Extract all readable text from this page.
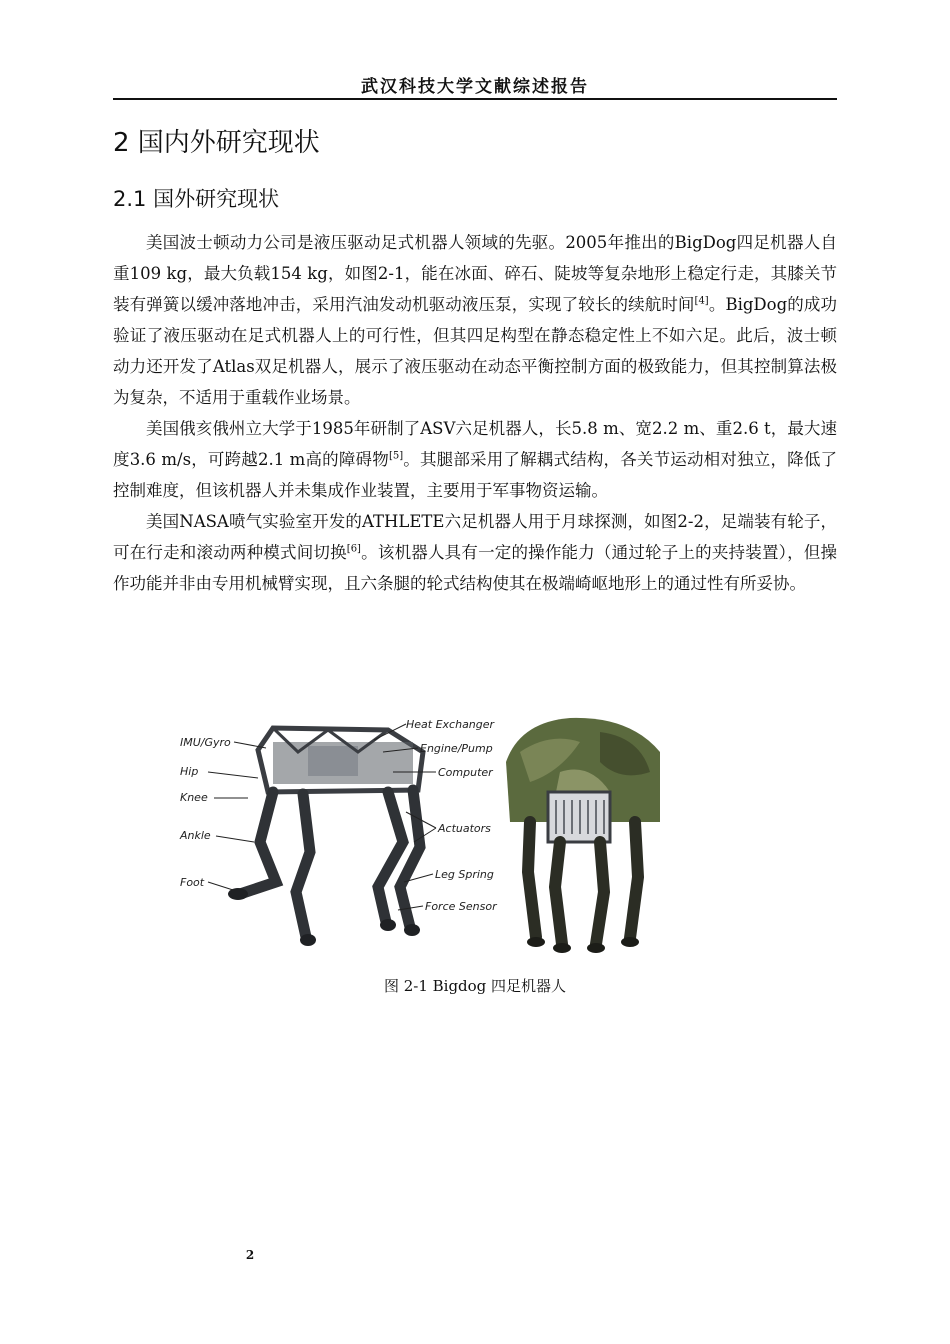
武汉科技大学文献综述报告
2 国内外研究现状
2.1 国外研究现状

美国波士顿动力公司是液压驱动足式机器人领域的先驱。2005年推出的BigDog四足机器人自重109 kg，最大负载154 kg，如图2-1，能在冰面、碎石、陡坡等复杂地形上稳定行走，其膝关节装有弹簧以缓冲落地冲击，采用汽油发动机驱动液压泵，实现了较长的续航时间[4]。BigDog的成功验证了液压驱动在足式机器人上的可行性，但其四足构型在静态稳定性上不如六足。此后，波士顿动力还开发了Atlas双足机器人，展示了液压驱动在动态平衡控制方面的极致能力，但其控制算法极为复杂，不适用于重载作业场景。

美国俄亥俄州立大学于1985年研制了ASV六足机器人，长5.8 m、宽2.2 m、重2.6 t，最大速度3.6 m/s，可跨越2.1 m高的障碍物[5]。其腿部采用了解耦式结构，各关节运动相对独立，降低了控制难度，但该机器人并未集成作业装置，主要用于军事物资运输。

美国NASA喷气实验室开发的ATHLETE六足机器人用于月球探测，如图2-2，足端装有轮子，可在行走和滚动两种模式间切换[6]。该机器人具有一定的操作能力（通过轮子上的夹持装置），但操作功能并非由专用机械臂实现，且六条腿的轮式结构使其在极端崎岖地形上的通过性有所妥协。

IMU/Gyro
Hip
Knee
Ankle
Foot
Heat Exchanger
Engine/Pump
Computer
Actuators
Leg Spring
Force Sensor
图 2-1 Bigdog 四足机器人
2
